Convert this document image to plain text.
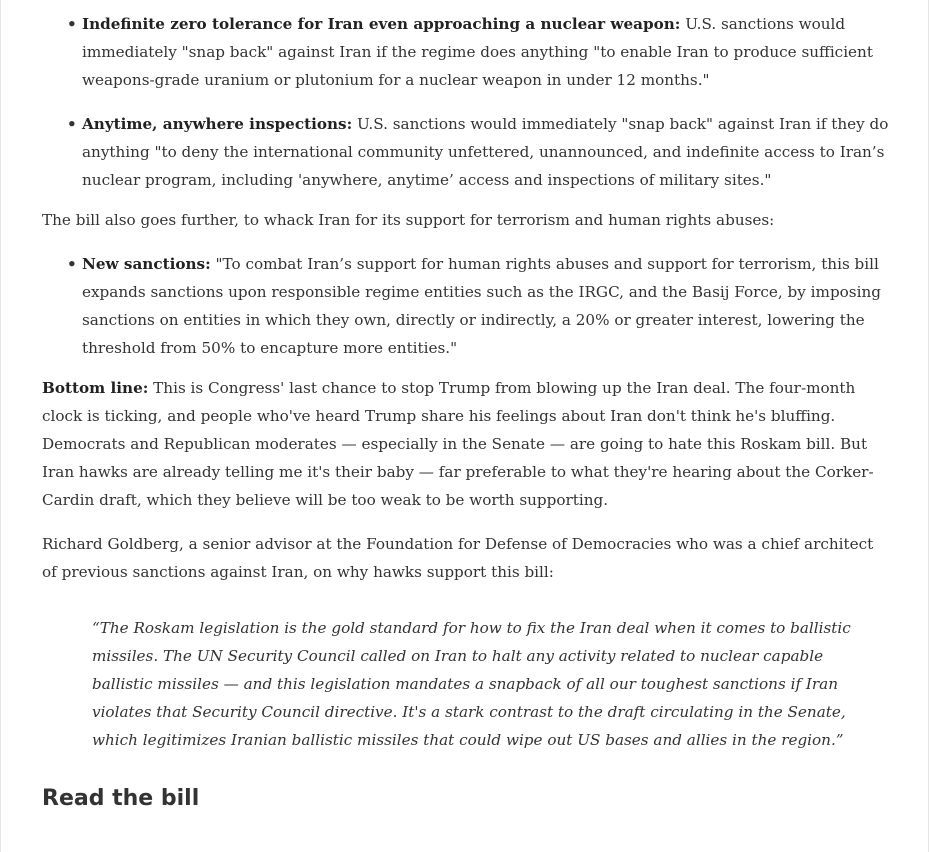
• Indefinite zero tolerance for Iran even approaching a nuclear weapon: U.S. sanctions would immediately "snap back" against Iran if the regime does anything "to enable Iran to produce sufficient weapons-grade uranium or plutonium for a nuclear weapon in under 12 months."
• Anytime, anywhere inspections: U.S. sanctions would immediately "snap back" against Iran if they do anything "to deny the international community unfettered, unannounced, and indefinite access to Iran’s nuclear program, including 'anywhere, anytime’ access and inspections of military sites."

The bill also goes further, to whack Iran for its support for terrorism and human rights abuses:

• New sanctions: "To combat Iran’s support for human rights abuses and support for terrorism, this bill expands sanctions upon responsible regime entities such as the IRGC, and the Basij Force, by imposing sanctions on entities in which they own, directly or indirectly, a 20% or greater interest, lowering the threshold from 50% to encapture more entities."

Bottom line: This is Congress' last chance to stop Trump from blowing up the Iran deal. The four-month clock is ticking, and people who've heard Trump share his feelings about Iran don't think he's bluffing. Democrats and Republican moderates — especially in the Senate — are going to hate this Roskam bill. But Iran hawks are already telling me it's their baby — far preferable to what they're hearing about the Corker-Cardin draft, which they believe will be too weak to be worth supporting.

Richard Goldberg, a senior advisor at the Foundation for Defense of Democracies who was a chief architect of previous sanctions against Iran, on why hawks support this bill:

“The Roskam legislation is the gold standard for how to fix the Iran deal when it comes to ballistic missiles. The UN Security Council called on Iran to halt any activity related to nuclear capable ballistic missiles — and this legislation mandates a snapback of all our toughest sanctions if Iran violates that Security Council directive. It's a stark contrast to the draft circulating in the Senate, which legitimizes Iranian ballistic missiles that could wipe out US bases and allies in the region.”
Read the bill
